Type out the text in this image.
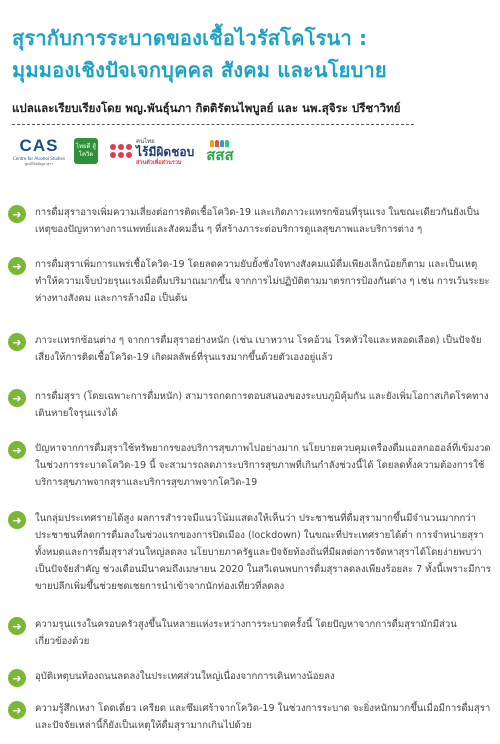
สุรากับการระบาดของเชื้อไวรัสโคโรนา :
มุมมองเชิงปัจเจกบุคคล สังคม และนโยบาย
แปลและเรียบเรียงโดย พญ.พันธุ์นภา กิตติรัตนไพบูลย์ และ นพ.สุจิระ ปรีชาวิทย์
CAS
Centre for Alcohol Studies
ศูนย์วิจัยปัญหาสุรา
ไทยดี สู้โควิด
คนไทย
ไร้มีผิดชอบ
ส่วนตัวเพื่อส่วนรวม	สสส
➜	การดื่มสุราอาจเพิ่มความเสี่ยงต่อการติดเชื้อโควิด-19 และเกิดภาวะแทรกซ้อนที่รุนแรง ในขณะเดียวกันยังเป็นเหตุของปัญหาทางการแพทย์และสังคมอื่น ๆ ที่สร้างภาระต่อบริการดูแลสุขภาพและบริการต่าง ๆ
➜	การดื่มสุราเพิ่มการแพร่เชื้อโควิด-19 โดยลดความยับยั้งชั่งใจทางสังคมแม้ดื่มเพียงเล็กน้อยก็ตาม และเป็นเหตุทำให้ความเจ็บป่วยรุนแรงเมื่อดื่มปริมาณมากขึ้น จากการไม่ปฏิบัติตามมาตรการป้องกันต่าง ๆ เช่น การเว้นระยะห่างทางสังคม และการล้างมือ เป็นต้น
➜	ภาวะแทรกซ้อนต่าง ๆ จากการดื่มสุราอย่างหนัก (เช่น เบาหวาน โรคอ้วน โรคหัวใจและหลอดเลือด) เป็นปัจจัยเสี่ยงให้การติดเชื้อโควิด-19 เกิดผลลัพธ์ที่รุนแรงมากขึ้นด้วยตัวเองอยู่แล้ว
➜	การดื่มสุรา (โดยเฉพาะการดื่มหนัก) สามารถกดการตอบสนองของระบบภูมิคุ้มกัน และยังเพิ่มโอกาสเกิดโรคทางเดินหายใจรุนแรงได้
➜	ปัญหาจากการดื่มสุราใช้ทรัพยากรของบริการสุขภาพไปอย่างมาก นโยบายควบคุมเครื่องดื่มแอลกอฮอล์ที่เข้มงวดในช่วงการระบาดโควิด-19 นี้ จะสามารถลดภาระบริการสุขภาพที่เกินกำลังช่วงนี้ได้ โดยลดทั้งความต้องการใช้บริการสุขภาพจากสุราและบริการสุขภาพจากโควิด-19
➜	ในกลุ่มประเทศรายได้สูง ผลการสำรวจมีแนวโน้มแสดงให้เห็นว่า ประชาชนที่ดื่มสุรามากขึ้นมีจำนวนมากกว่าประชาชนที่ลดการดื่มลงในช่วงแรกของการปิดเมือง (lockdown) ในขณะที่ประเทศรายได้ต่ำ การจำหน่ายสุราทั้งหมดและการดื่มสุราส่วนใหญ่ลดลง นโยบายภาครัฐและปัจจัยท้องถิ่นที่มีผลต่อการจัดหาสุราได้โดยง่ายพบว่าเป็นปัจจัยสำคัญ ช่วงเดือนมีนาคมถึงเมษายน 2020 ในสวีเดนพบการดื่มสุราลดลงเพียงร้อยละ 7 ทั้งนี้เพราะมีการขายปลีกเพิ่มขึ้นช่วยชดเชยการนำเข้าจากนักท่องเที่ยวที่ลดลง
➜	ความรุนแรงในครอบครัวสูงขึ้นในหลายแห่งระหว่างการระบาดครั้งนี้ โดยปัญหาจากการดื่มสุรามักมีส่วนเกี่ยวข้องด้วย
➜	อุบัติเหตุบนท้องถนนลดลงในประเทศส่วนใหญ่เนื่องจากการเดินทางน้อยลง
➜	ความรู้สึกเหงา โดดเดี่ยว เครียด และซึมเศร้าจากโควิด-19 ในช่วงการระบาด จะยิ่งหนักมากขึ้นเมื่อมีการดื่มสุรา และปัจจัยเหล่านี้ก็ยังเป็นเหตุให้ดื่มสุรามากเกินไปด้วย
